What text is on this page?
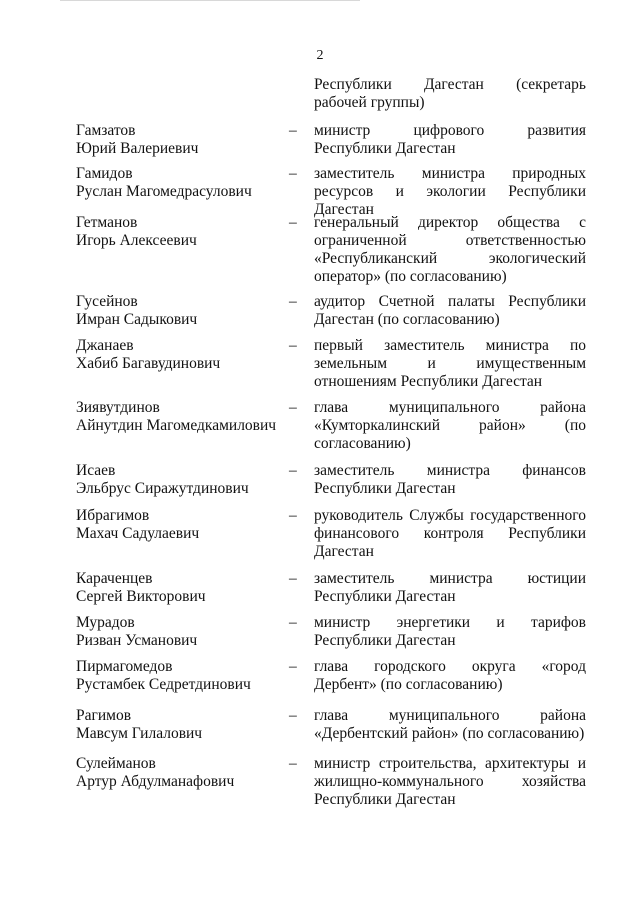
2
Республики Дагестан (секретарь рабочей группы)
Гамзатов
Юрий Валериевич
– министр цифрового развития Республики Дагестан
Гамидов
Руслан Магомедрасулович
– заместитель министра природных ресурсов и экологии Республики Дагестан
Гетманов
Игорь Алексеевич
– генеральный директор общества с ограниченной ответственностью «Республиканский экологический оператор» (по согласованию)
Гусейнов
Имран Садыкович
– аудитор Счетной палаты Республики Дагестан (по согласованию)
Джанаев
Хабиб Багавудинович
– первый заместитель министра по земельным и имущественным отношениям Республики Дагестан
Зиявутдинов
Айнутдин Магомедкамилович
– глава муниципального района «Кумторкалинский район» (по согласованию)
Исаев
Эльбрус Сиражутдинович
– заместитель министра финансов Республики Дагестан
Ибрагимов
Махач Садулаевич
– руководитель Службы государственного финансового контроля Республики Дагестан
Караченцев
Сергей Викторович
– заместитель министра юстиции Республики Дагестан
Мурадов
Ризван Усманович
– министр энергетики и тарифов Республики Дагестан
Пирмагомедов
Рустамбек Седретдинович
– глава городского округа «город Дербент» (по согласованию)
Рагимов
Мавсум Гилалович
– глава муниципального района «Дербентский район» (по согласованию)
Сулейманов
Артур Абдулманафович
– министр строительства, архитектуры и жилищно-коммунального хозяйства Республики Дагестан
